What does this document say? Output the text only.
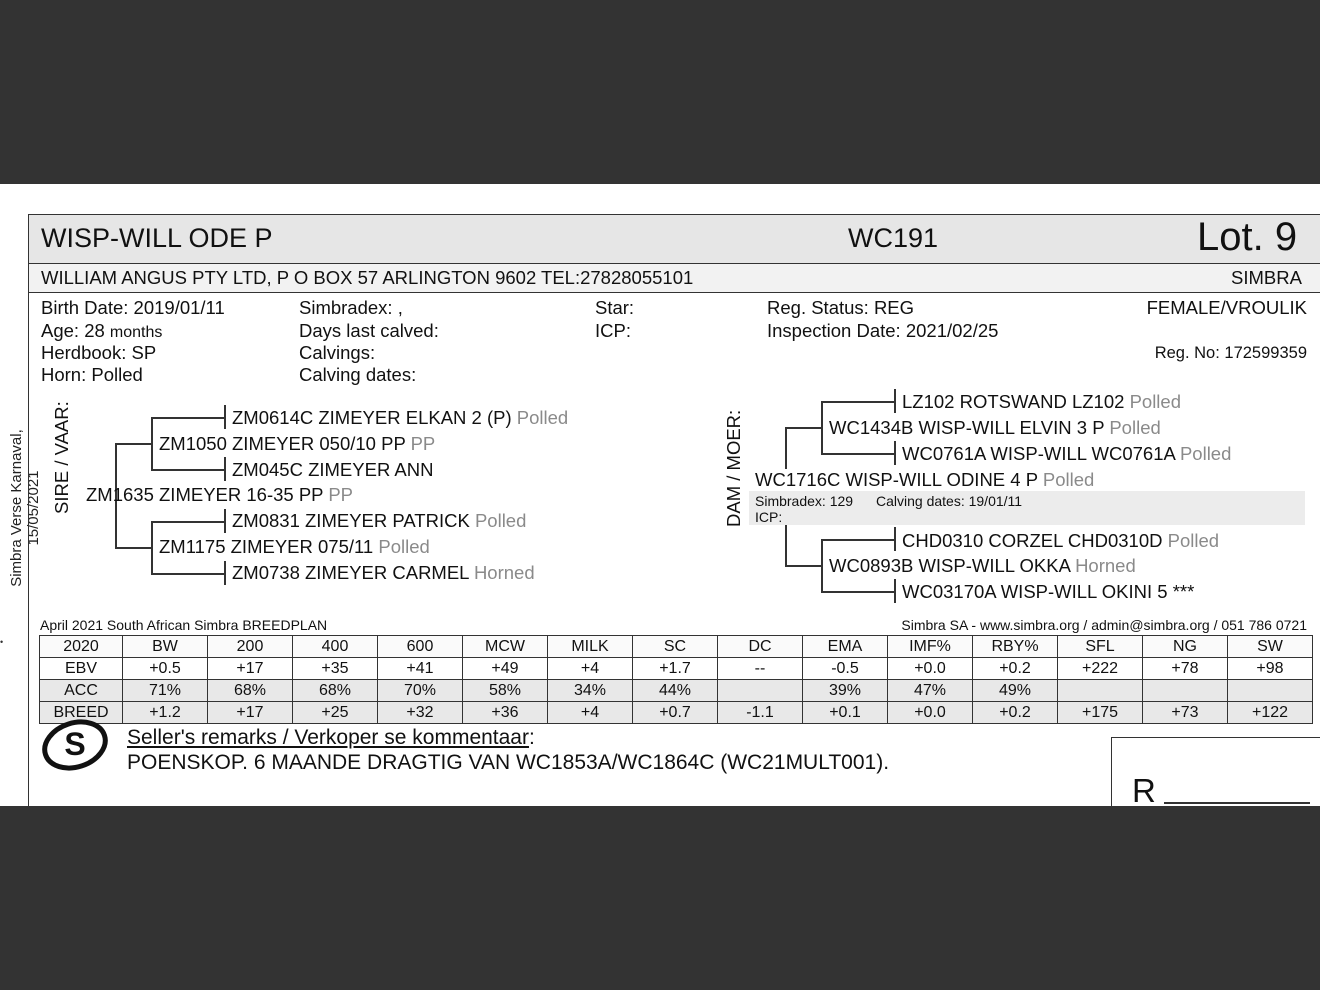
Simbra Verse Karnaval, 15/05/2021
•
WISP-WILL ODE P	WC191	Lot. 9
WILLIAM ANGUS PTY LTD, P O BOX 57 ARLINGTON 9602 TEL:27828055101	SIMBRA
Birth Date: 2019/01/11
Age: 28 months
Herdbook: SP
Horn: Polled
Simbradex: ,
Days last calved:
Calvings:
Calving dates:
Star:
ICP:
Reg. Status: REG
Inspection Date: 2021/02/25
FEMALE/VROULIK
Reg. No: 172599359
SIRE / VAAR:	ZM0614C ZIMEYER ELKAN 2 (P) Polled
ZM1050 ZIMEYER 050/10 PP PP
ZM045C ZIMEYER ANN
ZM1635 ZIMEYER 16-35 PP PP
ZM0831 ZIMEYER PATRICK Polled
ZM1175 ZIMEYER 075/11 Polled
ZM0738 ZIMEYER CARMEL Horned
DAM / MOER:
LZ102 ROTSWAND LZ102 Polled
WC1434B WISP-WILL ELVIN 3 P Polled
WC0761A WISP-WILL WC0761A Polled
WC1716C WISP-WILL ODINE 4 P Polled
Simbradex: 129 Calving dates: 19/01/11
ICP:
CHD0310 CORZEL CHD0310D Polled
WC0893B WISP-WILL OKKA Horned
WC03170A WISP-WILL OKINI 5 ***
April 2021 South African Simbra BREEDPLAN	Simbra SA - www.simbra.org / admin@simbra.org / 051 786 0721
2020	BW	200	400	600	MCW	MILK	SC	DC	EMA	IMF%	RBY%	SFL	NG	SW
EBV	+0.5	+17	+35	+41	+49	+4	+1.7	--	-0.5	+0.0	+0.2	+222	+78	+98
ACC	71%	68%	68%	70%	58%	34%	44%		39%	47%	49%			
BREED	+1.2	+17	+25	+32	+36	+4	+0.7	-1.1	+0.1	+0.0	+0.2	+175	+73	+122
S Seller's remarks / Verkoper se kommentaar:
POENSKOP. 6 MAANDE DRAGTIG VAN WC1853A/WC1864C (WC21MULT001).
R
